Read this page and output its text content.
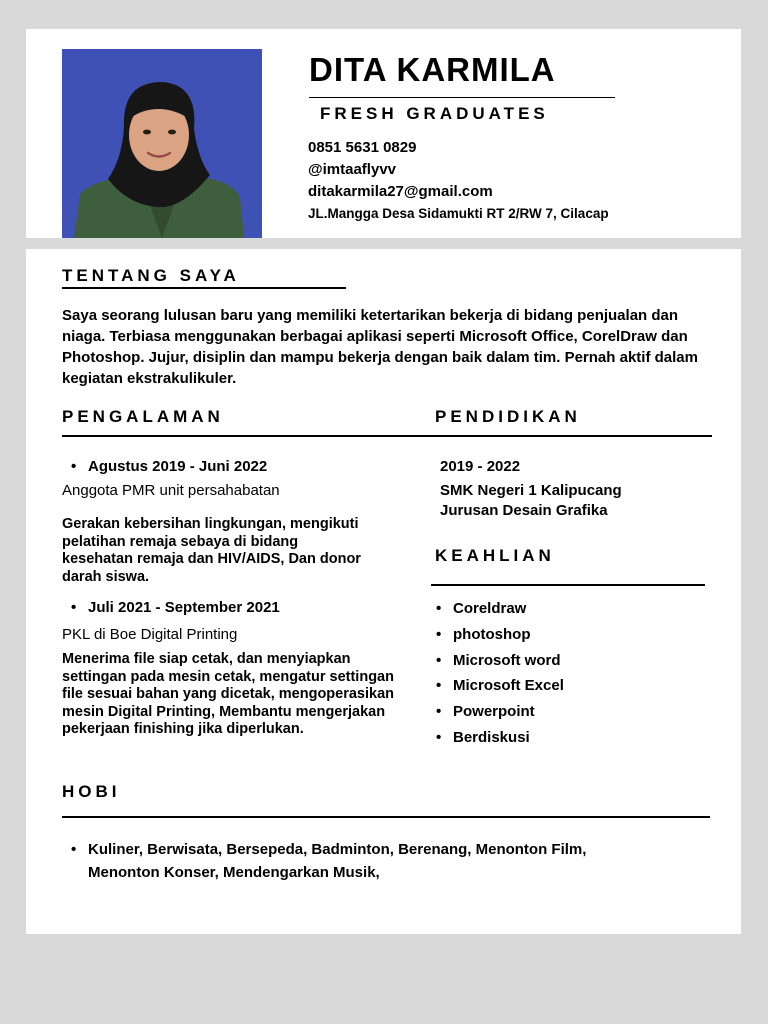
DITA KARMILA
FRESH GRADUATES
0851 5631 0829
@imtaaflyvv
ditakarmila27@gmail.com
JL.Mangga Desa Sidamukti RT 2/RW 7, Cilacap
TENTANG SAYA
Saya seorang lulusan baru yang memiliki ketertarikan bekerja di bidang penjualan dan niaga. Terbiasa menggunakan berbagai aplikasi seperti Microsoft Office, CorelDraw dan Photoshop. Jujur, disiplin dan mampu bekerja dengan baik dalam tim. Pernah aktif dalam kegiatan ekstrakulikuler.
PENGALAMAN	PENDIDIKAN
• Agustus 2019 - Juni 2022
Anggota PMR unit persahabatan
Gerakan kebersihan lingkungan, mengikuti pelatihan remaja sebaya di bidang kesehatan remaja dan HIV/AIDS, Dan donor darah siswa.
• Juli 2021 - September 2021
PKL di Boe Digital Printing
Menerima file siap cetak, dan menyiapkan settingan pada mesin cetak, mengatur settingan file sesuai bahan yang dicetak, mengoperasikan mesin Digital Printing, Membantu mengerjakan pekerjaan finishing jika diperlukan.
2019 - 2022
SMK Negeri 1 Kalipucang
Jurusan Desain Grafika
KEAHLIAN
• Coreldraw
• photoshop
• Microsoft word
• Microsoft Excel
• Powerpoint
• Berdiskusi
HOBI
• Kuliner, Berwisata, Bersepeda, Badminton, Berenang, Menonton Film, Menonton Konser, Mendengarkan Musik,
